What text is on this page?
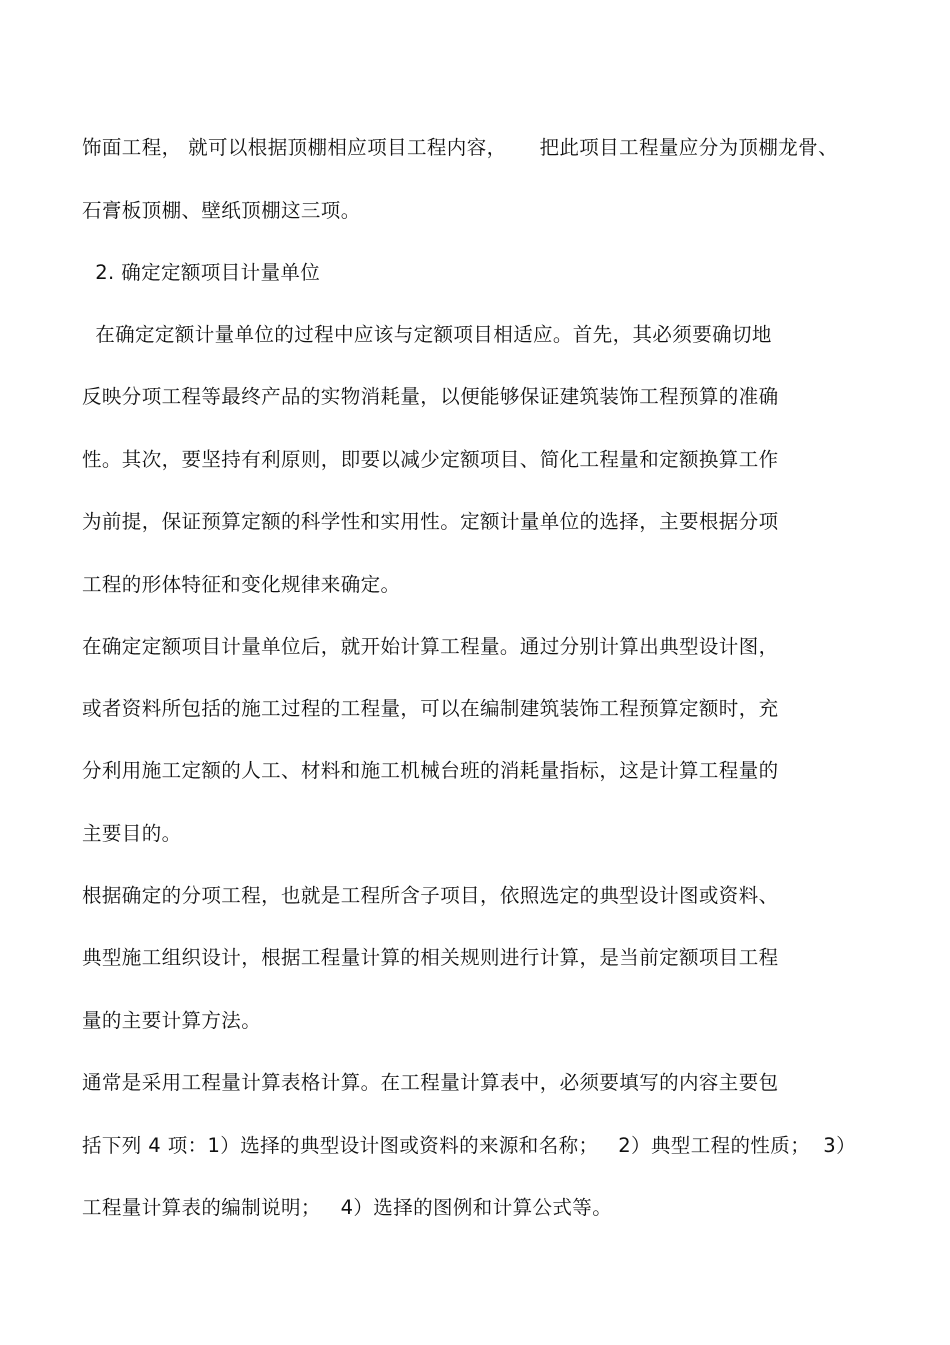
饰面工程， 就可以根据顶棚相应项目工程内容，     把此项目工程量应分为顶棚龙骨、
石膏板顶棚、壁纸顶棚这三项。
2. 确定定额项目计量单位
在确定定额计量单位的过程中应该与定额项目相适应。首先，其必须要确切地
反映分项工程等最终产品的实物消耗量，以便能够保证建筑装饰工程预算的准确
性。其次，要坚持有利原则，即要以减少定额项目、简化工程量和定额换算工作
为前提，保证预算定额的科学性和实用性。定额计量单位的选择，主要根据分项
工程的形体特征和变化规律来确定。
在确定定额项目计量单位后，就开始计算工程量。通过分别计算出典型设计图，
或者资料所包括的施工过程的工程量，可以在编制建筑装饰工程预算定额时，充
分利用施工定额的人工、材料和施工机械台班的消耗量指标，这是计算工程量的
主要目的。
根据确定的分项工程，也就是工程所含子项目，依照选定的典型设计图或资料、
典型施工组织设计，根据工程量计算的相关规则进行计算，是当前定额项目工程
量的主要计算方法。
通常是采用工程量计算表格计算。在工程量计算表中，必须要填写的内容主要包
括下列 4 项：1）选择的典型设计图或资料的来源和名称；   2）典型工程的性质；  3）
工程量计算表的编制说明；   4）选择的图例和计算公式等。
